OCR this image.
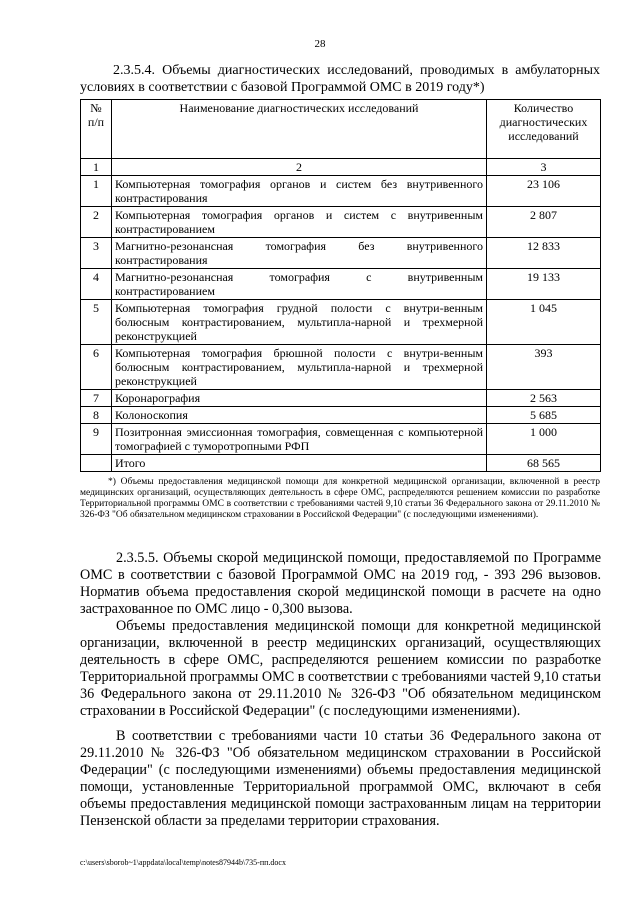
28
2.3.5.4. Объемы диагностических исследований, проводимых в амбулаторных условиях в соответствии с базовой Программой ОМС в 2019 году*)
№ п/п	Наименование диагностических исследований	Количество диагностических исследований
1	2	3
1	Компьютерная томография органов и систем без внутривенного контрастирования	23 106
2	Компьютерная томография органов и систем с внутривенным контрастированием	2 807
3	Магнитно-резонансная томография без внутривенного контрастирования	12 833
4	Магнитно-резонансная томография с внутривенным контрастированием	19 133
5	Компьютерная томография грудной полости с внутри-венным болюсным контрастированием, мультипла-нарной и трехмерной реконструкцией	1 045
6	Компьютерная томография брюшной полости с внутри-венным болюсным контрастированием, мультипла-нарной и трехмерной реконструкцией	393
7	Коронарография	2 563
8	Колоноскопия	5 685
9	Позитронная эмиссионная томография, совмещенная с компьютерной томографией с туморотропными РФП	1 000
	Итого	68 565
*) Объемы предоставления медицинской помощи для конкретной медицинской организации, включенной в реестр медицинских организаций, осуществляющих деятельность в сфере ОМС, распределяются решением комиссии по разработке Территориальной программы ОМС в соответствии с требованиями частей 9,10 статьи 36 Федерального закона от 29.11.2010 № 326-ФЗ "Об обязательном медицинском страховании в Российской Федерации" (с последующими изменениями).

2.3.5.5. Объемы скорой медицинской помощи, предоставляемой по Программе ОМС в соответствии с базовой Программой ОМС на 2019 год, - 393 296 вызовов. Норматив объема предоставления скорой медицинской помощи в расчете на одно застрахованное по ОМС лицо - 0,300 вызова.

Объемы предоставления медицинской помощи для конкретной медицинской организации, включенной в реестр медицинских организаций, осуществляющих деятельность в сфере ОМС, распределяются решением комиссии по разработке Территориальной программы ОМС в соответствии с требованиями частей 9,10 статьи 36 Федерального закона от 29.11.2010 № 326-ФЗ "Об обязательном медицинском страховании в Российской Федерации" (с последующими изменениями).

В соответствии с требованиями части 10 статьи 36 Федерального закона от 29.11.2010 № 326-ФЗ "Об обязательном медицинском страховании в Российской Федерации" (с последующими изменениями) объемы предоставления медицинской помощи, установленные Территориальной программой ОМС, включают в себя объемы предоставления медицинской помощи застрахованным лицам на территории Пензенской области за пределами территории страхования.

c:\users\sborob~1\appdata\local\temp\notes87944b\735-пп.docx
